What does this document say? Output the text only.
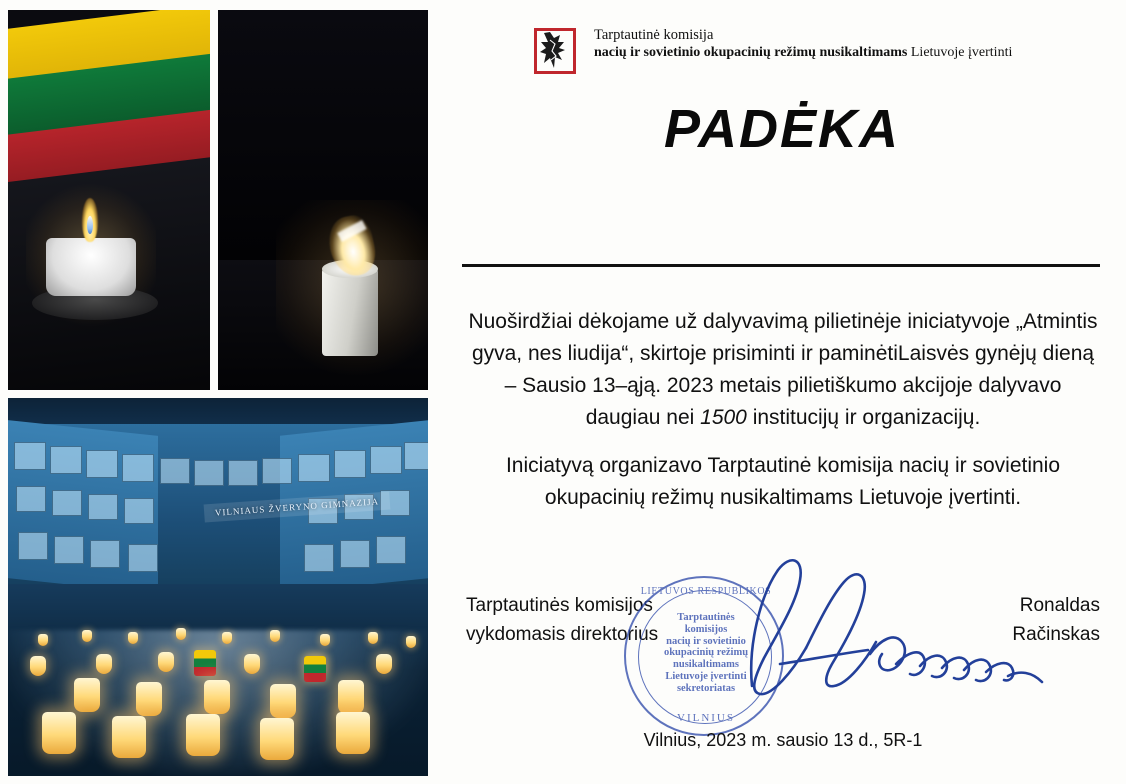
VILNIAUS ŽVERYNO GIMNAZIJA
Tarptautinė komisija
nacių ir sovietinio okupacinių režimų nusikaltimams Lietuvoje įvertinti
PADĖKA

Nuoširdžiai dėkojame už dalyvavimą pilietinėje iniciatyvoje „Atmintis gyva, nes liudija“, skirtoje prisiminti ir paminėtiLaisvės gynėjų dieną – Sausio 13–ąją. 2023 metais pilietiškumo akcijoje dalyvavo daugiau nei 1500 institucijų ir organizacijų.

Iniciatyvą organizavo Tarptautinė komisija nacių ir sovietinio okupacinių režimų nusikaltimams Lietuvoje įvertinti.

Tarptautinės komisijos
vykdomasis direktorius
Ronaldas
Račinskas
LIETUVOS RESPUBLIKOS
Tarptautinės
komisijos
nacių ir sovietinio
okupacinių režimų
nusikaltimams
Lietuvoje įvertinti
sekretoriatas
VILNIUS
Vilnius, 2023 m. sausio 13 d., 5R-1
